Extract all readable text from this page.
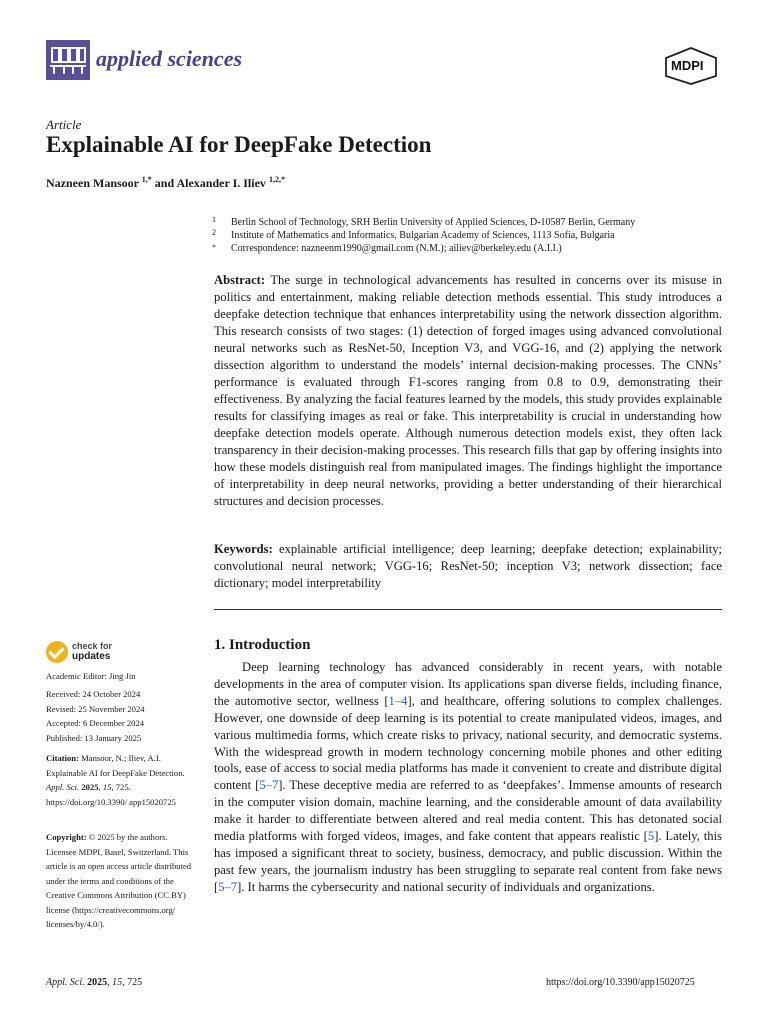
applied sciences	MDPI
Article
Explainable AI for DeepFake Detection
Nazneen Mansoor $^{1,*}$ and Alexander I. Iliev $^{1,2,*}$
1 Berlin School of Technology, SRH Berlin University of Applied Sciences, D-10587 Berlin, Germany
2 Institute of Mathematics and Informatics, Bulgarian Academy of Sciences, 1113 Sofia, Bulgaria
* Correspondence: nazneenm1990@gmail.com (N.M.); ailiev@berkeley.edu (A.I.I.)

Abstract: The surge in technological advancements has resulted in concerns over its misuse in politics and entertainment, making reliable detection methods essential. This study introduces a deepfake detection technique that enhances interpretability using the network dissection algorithm. This research consists of two stages: (1) detection of forged images using advanced convolutional neural networks such as ResNet-50, Inception V3, and VGG-16, and (2) applying the network dissection algorithm to understand the models’ internal decision-making processes. The CNNs’ performance is evaluated through F1-scores ranging from 0.8 to 0.9, demonstrating their effectiveness. By analyzing the facial features learned by the models, this study provides explainable results for classifying images as real or fake. This interpretability is crucial in understanding how deepfake detection models operate. Although numerous detection models exist, they often lack transparency in their decision-making processes. This research fills that gap by offering insights into how these models distinguish real from manipulated images. The findings highlight the importance of interpretability in deep neural networks, providing a better understanding of their hierarchical structures and decision processes.

Keywords: explainable artificial intelligence; deep learning; deepfake detection; explainability; convolutional neural network; VGG-16; ResNet-50; inception V3; network dissection; face dictionary; model interpretability

check for
updates
Academic Editor: Jing Jin
Received: 24 October 2024
Revised: 25 November 2024
Accepted: 6 December 2024
Published: 13 January 2025
Citation: Mansoor, N.; Iliev, A.I. Explainable AI for DeepFake Detection. Appl. Sci. 2025, 15, 725. https://doi.org/10.3390/ app15020725
Copyright: © 2025 by the authors. Licensee MDPI, Basel, Switzerland. This article is an open access article distributed under the terms and conditions of the Creative Commons Attribution (CC BY) license (https://creativecommons.org/ licenses/by/4.0/).
1. Introduction

Deep learning technology has advanced considerably in recent years, with notable developments in the area of computer vision. Its applications span diverse fields, including finance, the automotive sector, wellness [1–4], and healthcare, offering solutions to complex challenges. However, one downside of deep learning is its potential to create manipulated videos, images, and various multimedia forms, which create risks to privacy, national security, and democratic systems. With the widespread growth in modern technology concerning mobile phones and other editing tools, ease of access to social media platforms has made it convenient to create and distribute digital content [5–7]. These deceptive media are referred to as ‘deepfakes’. Immense amounts of research in the computer vision domain, machine learning, and the considerable amount of data availability make it harder to differentiate between altered and real media content. This has detonated social media platforms with forged videos, images, and fake content that appears realistic [5]. Lately, this has imposed a significant threat to society, business, democracy, and public discussion. Within the past few years, the journalism industry has been struggling to separate real content from fake news [5–7]. It harms the cybersecurity and national security of individuals and organizations.

Appl. Sci. 2025, 15, 725	https://doi.org/10.3390/app15020725
